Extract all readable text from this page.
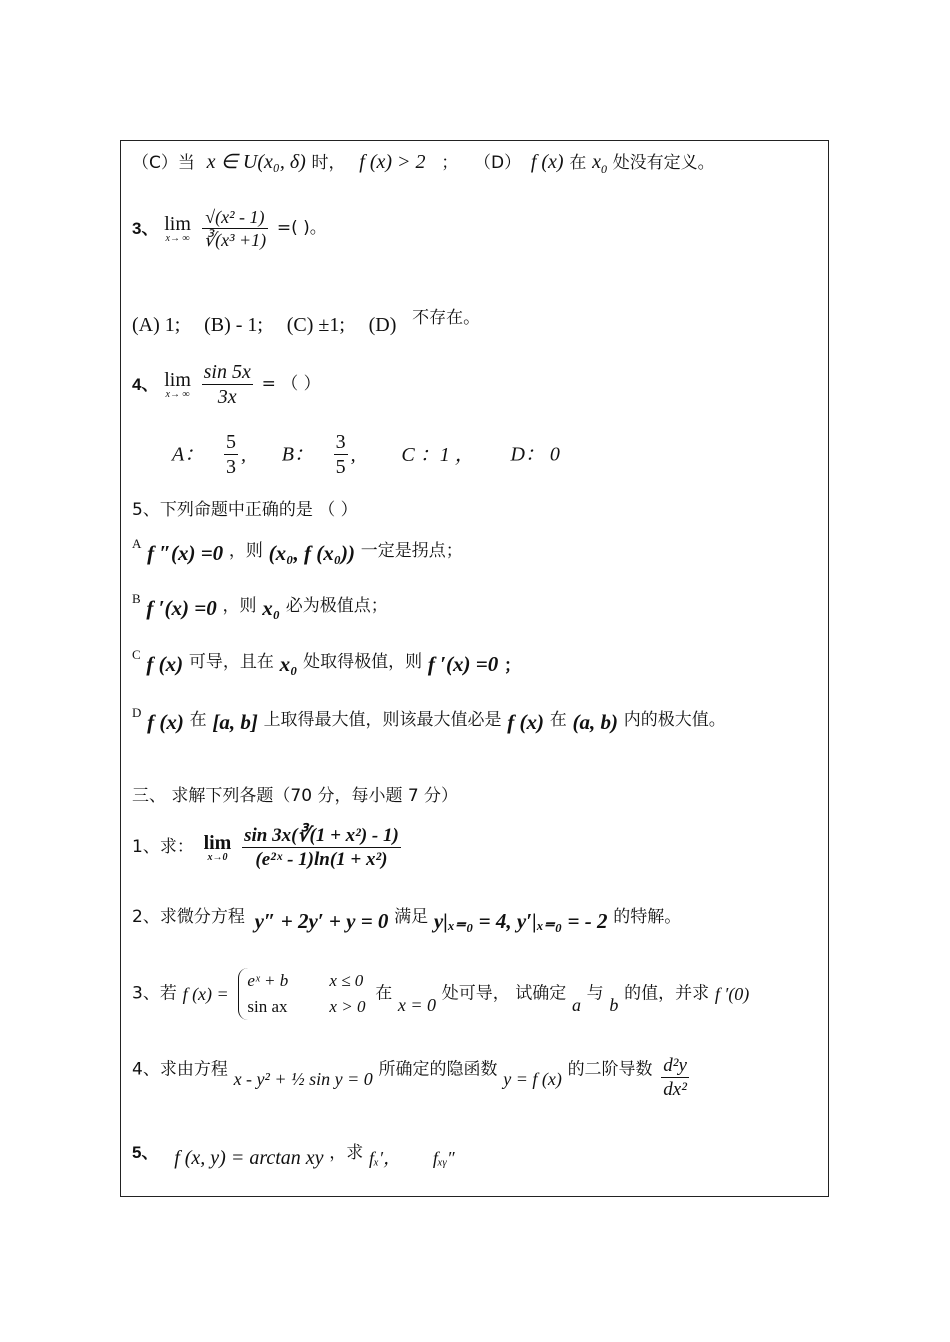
（C）当 x ∈ U(x₀, δ) 时， f (x) > 2 ； （D） f (x) 在 $x_0$ 处没有定义。
3、 lim
x→ ∞
$\frac{\text{√(x² - 1)}}{\text{∛(x³ +1)}}$ =( )。
(A) 1; (B) - 1; (C) ±1; (D) 不存在。
4、 lim
x→ ∞
$\frac{\sin 5x}{3x}$ = （ ）
A： $\frac{5}{3}$ , B： $\frac{3}{5}$ , C ：1 ， D： 0
5、下列命题中正确的是 （ ）
$^A$ f ″(x) =0 ，则 (x₀, f (x₀)) 一定是拐点；
$^B$ f ′(x) =0 ，则 x₀ 必为极值点；
$^C$ f (x) 可导，且在 x₀ 处取得极值，则 f ′(x) =0 ；
$^D$ f (x) 在 [a, b] 上取得最大值，则该最大值必是 f (x) 在 (a, b) 内的极大值。
三、 求解下列各题（70 分，每小题 7 分）
1、求： lim
x→0
$\frac{\text{sin 3x(∛(1 + x²) - 1)}}{\text{(e²ˣ - 1)ln(1 + x²)}}$
2、求微分方程 y″ + 2y′ + y = 0 满足 y|ₓ₌₀ = 4, y′|ₓ₌₀ = - 2 的特解。
3、若 f (x) =
eˣ + b x ≤ 0
sin ax x > 0
在 x = 0 处可导， 试确定 a 与 b 的值，并求 f ′(0)
4、求由方程 x - y² + ½ sin y = 0 所确定的隐函数 y = f (x) 的二阶导数 $\frac{\text{d²y}}{\text{dx²}}$
5、 f (x, y) = arctan xy ，求 fₓ′， fₓᵧ″
